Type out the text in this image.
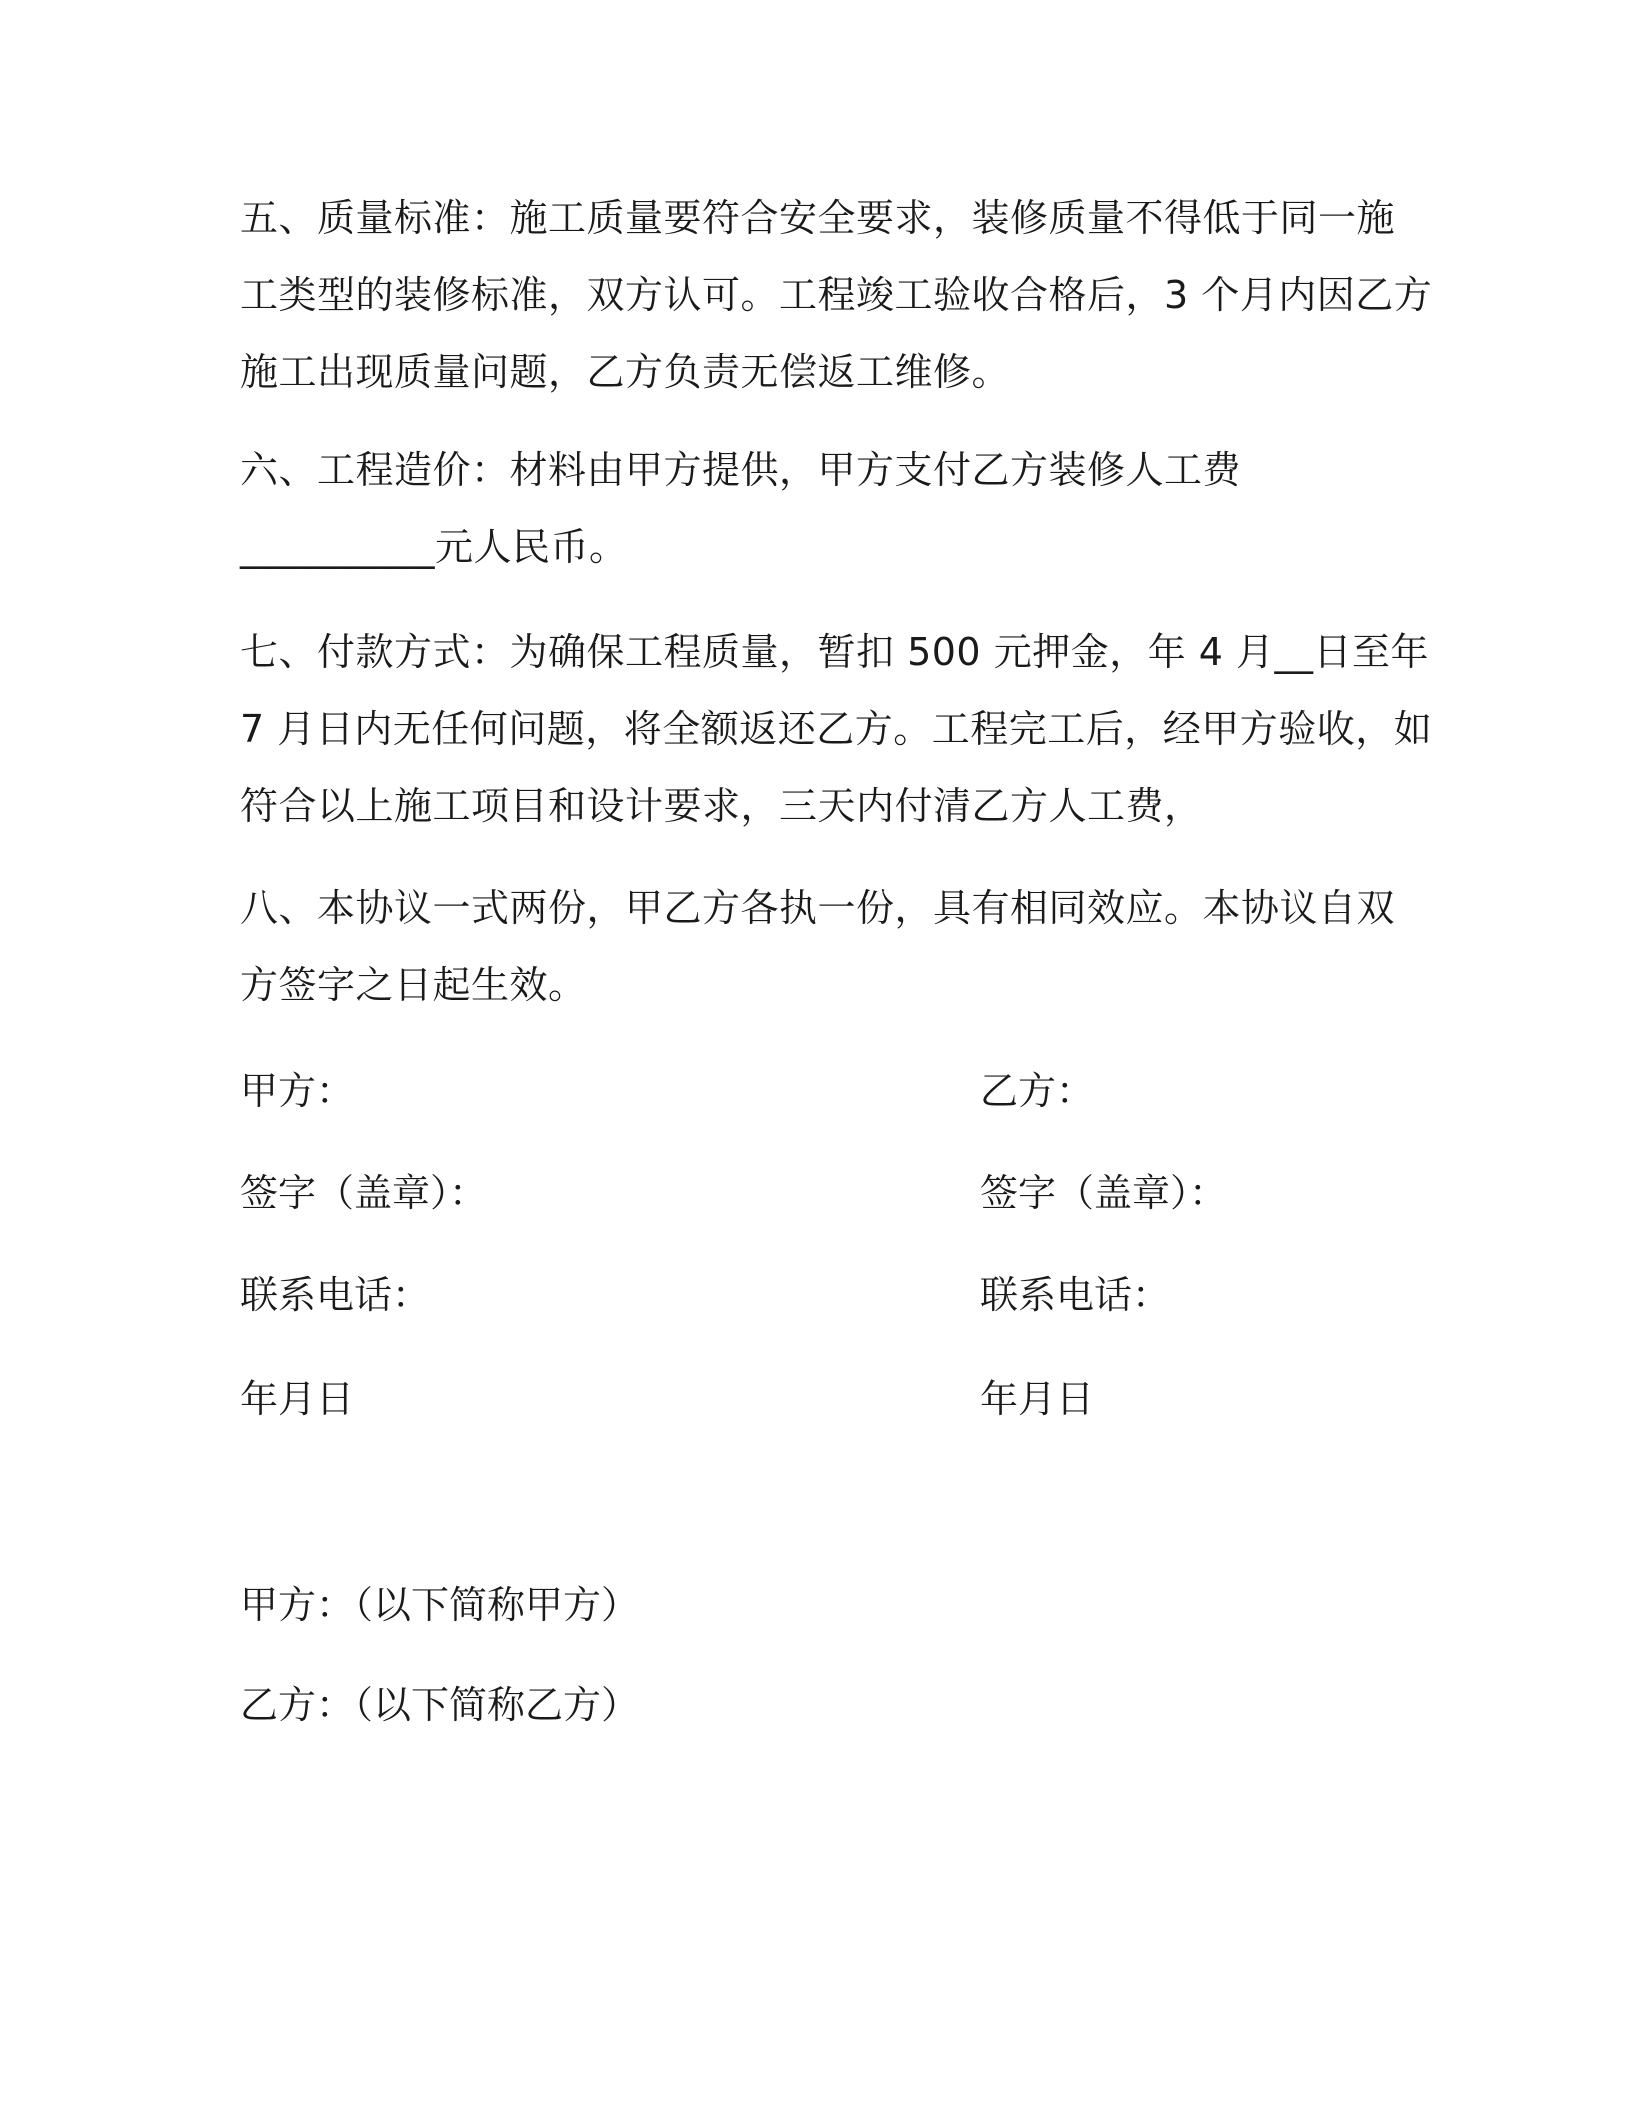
五、质量标准：施工质量要符合安全要求，装修质量不得低于同一施
工类型的装修标准，双方认可。工程竣工验收合格后，3 个月内因乙方
施工出现质量问题，乙方负责无偿返工维修。
六、工程造价：材料由甲方提供，甲方支付乙方装修人工费
__________元人民币。
七、付款方式：为确保工程质量，暂扣 500 元押金，年 4 月__日至年
7 月日内无任何问题，将全额返还乙方。工程完工后，经甲方验收，如
符合以上施工项目和设计要求，三天内付清乙方人工费，
八、本协议一式两份，甲乙方各执一份，具有相同效应。本协议自双
方签字之日起生效。
甲方：	乙方：
签字（盖章）：	签字（盖章）：
联系电话：	联系电话：
年月日	年月日
甲方：（以下简称甲方）
乙方：（以下简称乙方）
